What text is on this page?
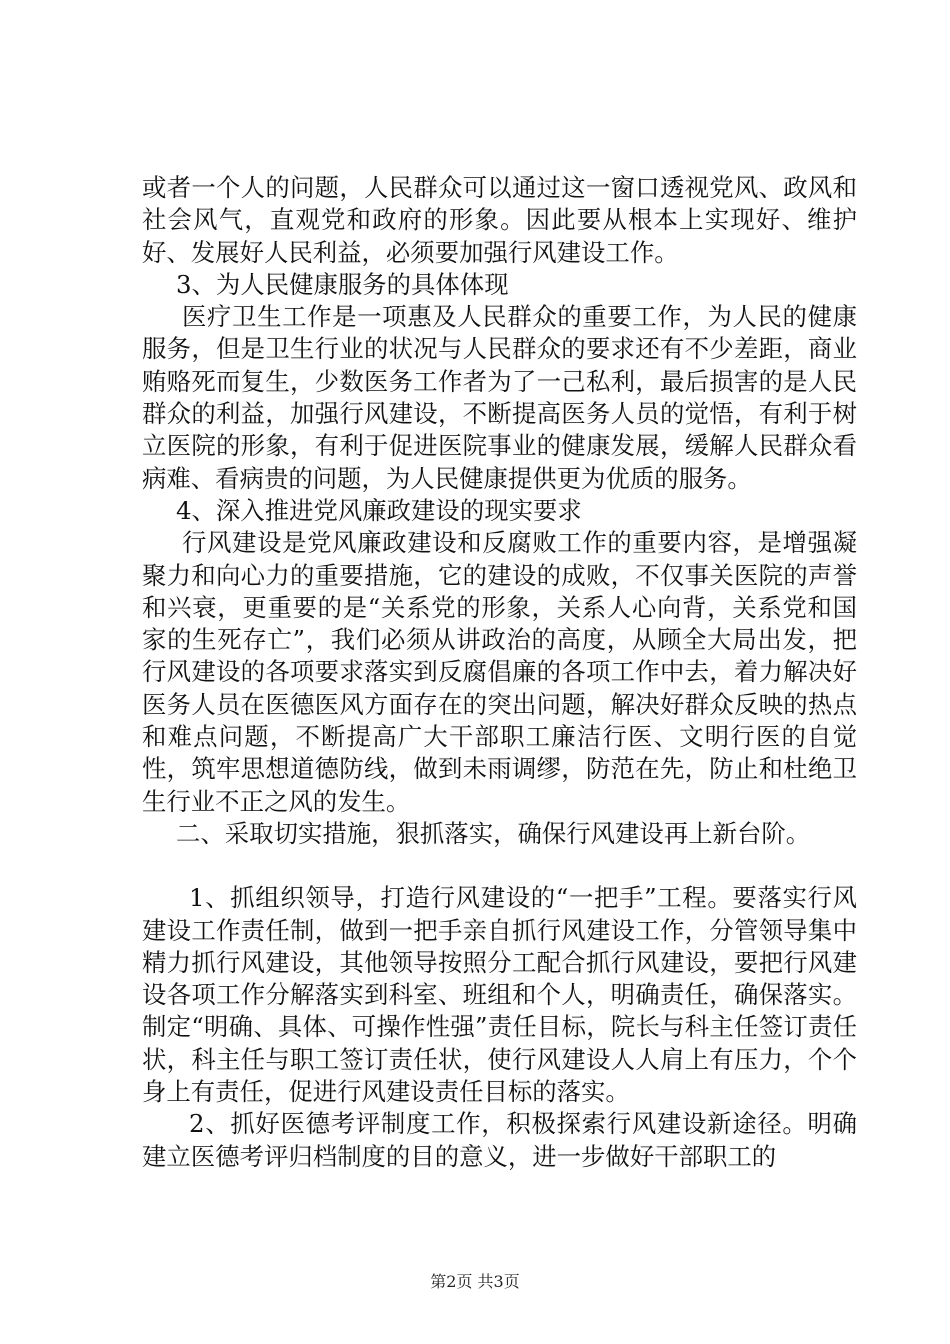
或者一个人的问题，人民群众可以通过这一窗口透视党风、政风和社会风气，直观党和政府的形象。因此要从根本上实现好、维护好、发展好人民利益，必须要加强行风建设工作。

3、为人民健康服务的具体体现

医疗卫生工作是一项惠及人民群众的重要工作，为人民的健康服务，但是卫生行业的状况与人民群众的要求还有不少差距，商业贿赂死而复生，少数医务工作者为了一己私利，最后损害的是人民群众的利益，加强行风建设，不断提高医务人员的觉悟，有利于树立医院的形象，有利于促进医院事业的健康发展，缓解人民群众看病难、看病贵的问题，为人民健康提供更为优质的服务。

4、深入推进党风廉政建设的现实要求

行风建设是党风廉政建设和反腐败工作的重要内容，是增强凝聚力和向心力的重要措施，它的建设的成败，不仅事关医院的声誉和兴衰，更重要的是“关系党的形象，关系人心向背，关系党和国家的生死存亡”，我们必须从讲政治的高度，从顾全大局出发，把行风建设的各项要求落实到反腐倡廉的各项工作中去，着力解决好医务人员在医德医风方面存在的突出问题，解决好群众反映的热点和难点问题，不断提高广大干部职工廉洁行医、文明行医的自觉性，筑牢思想道德防线，做到未雨调缪，防范在先，防止和杜绝卫生行业不正之风的发生。

二、采取切实措施，狠抓落实，确保行风建设再上新台阶。

1、抓组织领导，打造行风建设的“一把手”工程。要落实行风建设工作责任制，做到一把手亲自抓行风建设工作，分管领导集中精力抓行风建设，其他领导按照分工配合抓行风建设，要把行风建设各项工作分解落实到科室、班组和个人，明确责任，确保落实。制定“明确、具体、可操作性强”责任目标，院长与科主任签订责任状，科主任与职工签订责任状，使行风建设人人肩上有压力，个个身上有责任，促进行风建设责任目标的落实。

2、抓好医德考评制度工作，积极探索行风建设新途径。明确建立医德考评归档制度的目的意义，进一步做好干部职工的

第2页 共3页
